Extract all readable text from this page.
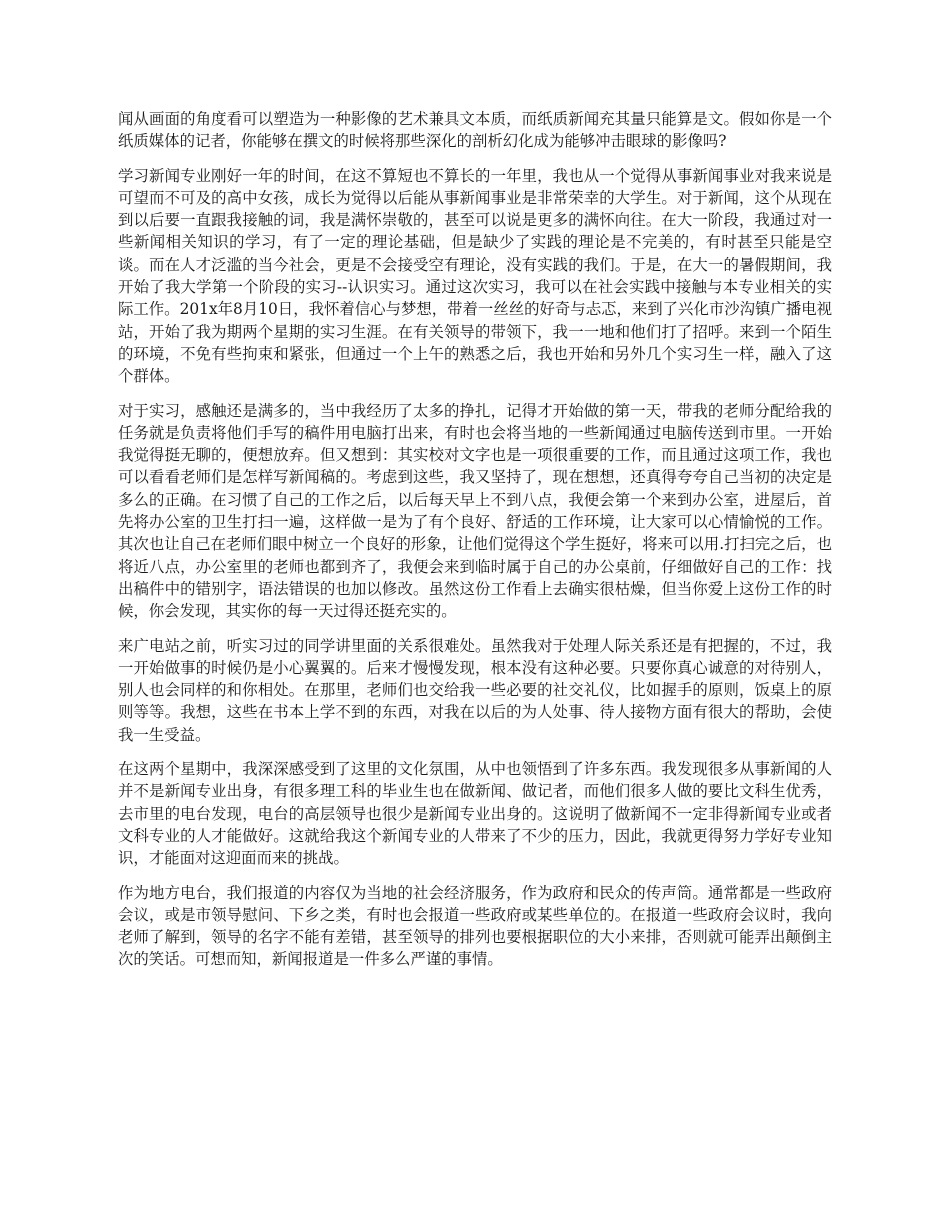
闻从画面的角度看可以塑造为一种影像的艺术兼具文本质，而纸质新闻充其量只能算是文。假如你是一个纸质媒体的记者，你能够在撰文的时候将那些深化的剖析幻化成为能够冲击眼球的影像吗?

学习新闻专业刚好一年的时间，在这不算短也不算长的一年里，我也从一个觉得从事新闻事业对我来说是可望而不可及的高中女孩，成长为觉得以后能从事新闻事业是非常荣幸的大学生。对于新闻，这个从现在到以后要一直跟我接触的词，我是满怀崇敬的，甚至可以说是更多的满怀向往。在大一阶段，我通过对一些新闻相关知识的学习，有了一定的理论基础，但是缺少了实践的理论是不完美的，有时甚至只能是空谈。而在人才泛滥的当今社会，更是不会接受空有理论，没有实践的我们。于是，在大一的暑假期间，我开始了我大学第一个阶段的实习--认识实习。通过这次实习，我可以在社会实践中接触与本专业相关的实际工作。201x年8月10日，我怀着信心与梦想，带着一丝丝的好奇与忐忑，来到了兴化市沙沟镇广播电视站，开始了我为期两个星期的实习生涯。在有关领导的带领下，我一一地和他们打了招呼。来到一个陌生的环境，不免有些拘束和紧张，但通过一个上午的熟悉之后，我也开始和另外几个实习生一样，融入了这个群体。

对于实习，感触还是满多的，当中我经历了太多的挣扎，记得才开始做的第一天，带我的老师分配给我的任务就是负责将他们手写的稿件用电脑打出来，有时也会将当地的一些新闻通过电脑传送到市里。一开始我觉得挺无聊的，便想放弃。但又想到：其实校对文字也是一项很重要的工作，而且通过这项工作，我也可以看看老师们是怎样写新闻稿的。考虑到这些，我又坚持了，现在想想，还真得夸夸自己当初的决定是多么的正确。在习惯了自己的工作之后，以后每天早上不到八点，我便会第一个来到办公室，进屋后，首先将办公室的卫生打扫一遍，这样做一是为了有个良好、舒适的工作环境，让大家可以心情愉悦的工作。其次也让自己在老师们眼中树立一个良好的形象，让他们觉得这个学生挺好，将来可以用.打扫完之后，也将近八点，办公室里的老师也都到齐了，我便会来到临时属于自己的办公桌前，仔细做好自己的工作：找出稿件中的错别字，语法错误的也加以修改。虽然这份工作看上去确实很枯燥，但当你爱上这份工作的时候，你会发现，其实你的每一天过得还挺充实的。

来广电站之前，听实习过的同学讲里面的关系很难处。虽然我对于处理人际关系还是有把握的，不过，我一开始做事的时候仍是小心翼翼的。后来才慢慢发现，根本没有这种必要。只要你真心诚意的对待别人，别人也会同样的和你相处。在那里，老师们也交给我一些必要的社交礼仪，比如握手的原则，饭桌上的原则等等。我想，这些在书本上学不到的东西，对我在以后的为人处事、待人接物方面有很大的帮助，会使我一生受益。

在这两个星期中，我深深感受到了这里的文化氛围，从中也领悟到了许多东西。我发现很多从事新闻的人并不是新闻专业出身，有很多理工科的毕业生也在做新闻、做记者，而他们很多人做的要比文科生优秀，去市里的电台发现，电台的高层领导也很少是新闻专业出身的。这说明了做新闻不一定非得新闻专业或者文科专业的人才能做好。这就给我这个新闻专业的人带来了不少的压力，因此，我就更得努力学好专业知识，才能面对这迎面而来的挑战。

作为地方电台，我们报道的内容仅为当地的社会经济服务，作为政府和民众的传声筒。通常都是一些政府会议，或是市领导慰问、下乡之类，有时也会报道一些政府或某些单位的。在报道一些政府会议时，我向老师了解到，领导的名字不能有差错，甚至领导的排列也要根据职位的大小来排，否则就可能弄出颠倒主次的笑话。可想而知，新闻报道是一件多么严谨的事情。
